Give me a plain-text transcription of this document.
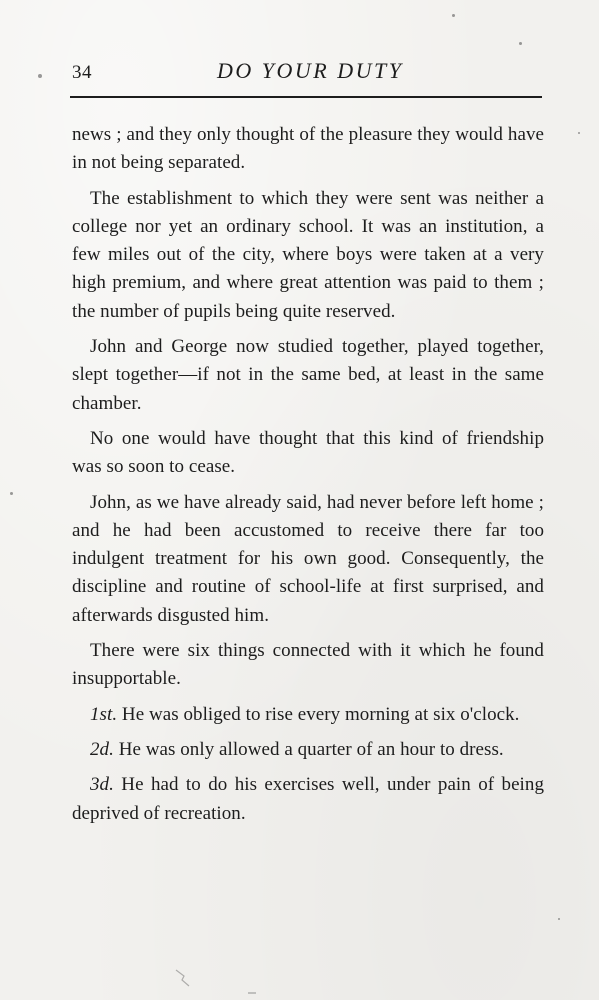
34	DO YOUR DUTY

news ; and they only thought of the pleasure they would have in not being separated.

The establishment to which they were sent was neither a college nor yet an ordinary school. It was an institution, a few miles out of the city, where boys were taken at a very high premium, and where great attention was paid to them ; the number of pupils being quite reserved.

John and George now studied together, played together, slept together—if not in the same bed, at least in the same chamber.

No one would have thought that this kind of friendship was so soon to cease.

John, as we have already said, had never before left home ; and he had been accustomed to receive there far too indulgent treatment for his own good. Consequently, the discipline and routine of school-life at first surprised, and afterwards disgusted him.

There were six things connected with it which he found insupportable.

1st. He was obliged to rise every morning at six o'clock.

2d. He was only allowed a quarter of an hour to dress.

3d. He had to do his exercises well, under pain of being deprived of recreation.
